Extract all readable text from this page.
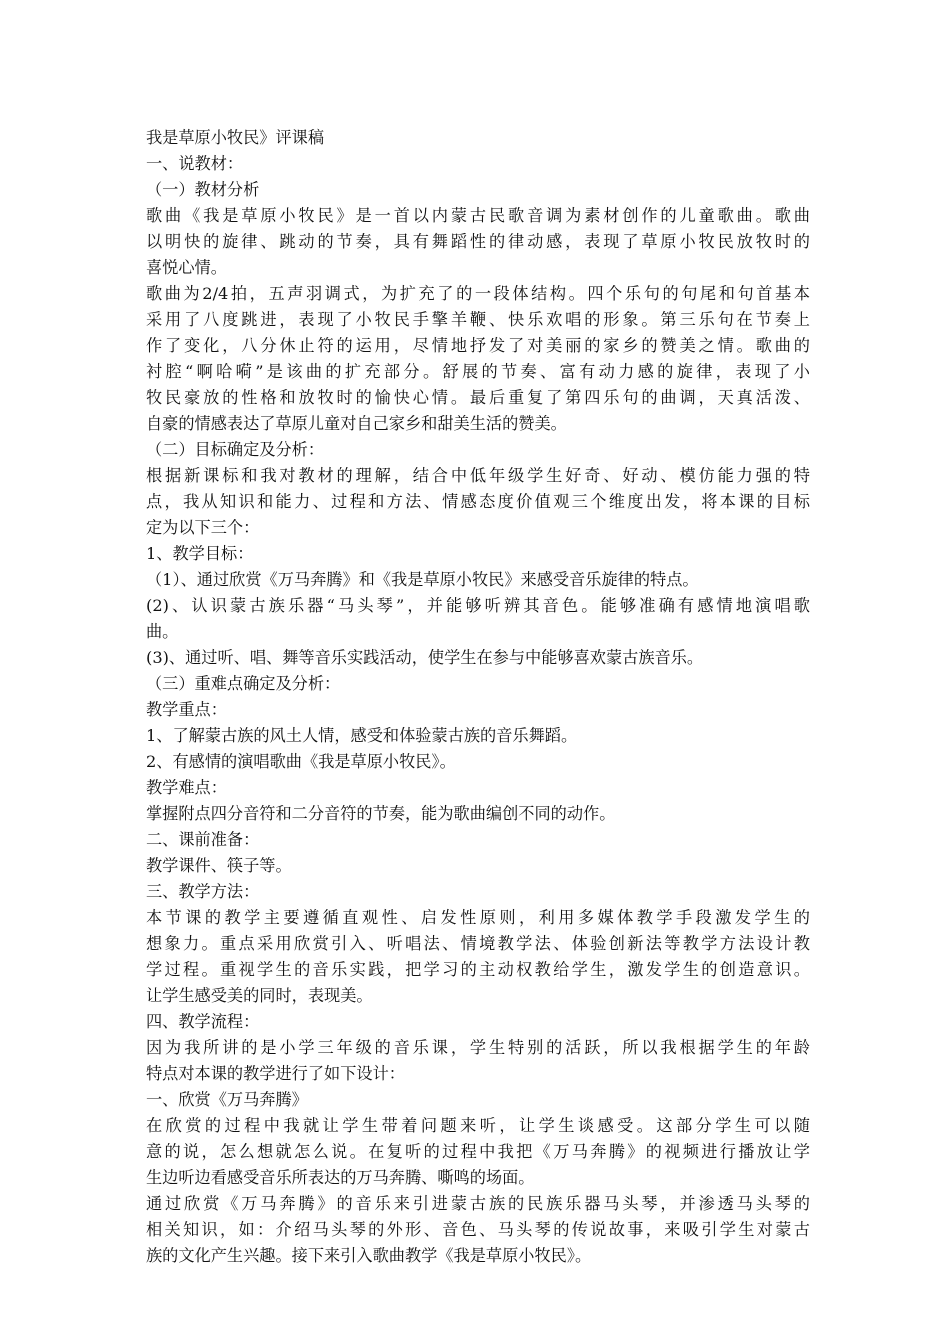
我是草原小牧民》评课稿
一、说教材：
（一）教材分析
歌曲《我是草原小牧民》是一首以内蒙古民歌音调为素材创作的儿童歌曲。歌曲
以明快的旋律、跳动的节奏，具有舞蹈性的律动感，表现了草原小牧民放牧时的
喜悦心情。
歌曲为2/4拍，五声羽调式，为扩充了的一段体结构。四个乐句的句尾和句首基本
采用了八度跳进，表现了小牧民手擎羊鞭、快乐欢唱的形象。第三乐句在节奏上
作了变化，八分休止符的运用，尽情地抒发了对美丽的家乡的赞美之情。歌曲的
衬腔“啊哈嗬”是该曲的扩充部分。舒展的节奏、富有动力感的旋律，表现了小
牧民豪放的性格和放牧时的愉快心情。最后重复了第四乐句的曲调，天真活泼、
自豪的情感表达了草原儿童对自己家乡和甜美生活的赞美。
（二）目标确定及分析：
根据新课标和我对教材的理解，结合中低年级学生好奇、好动、模仿能力强的特
点，我从知识和能力、过程和方法、情感态度价值观三个维度出发，将本课的目标
定为以下三个：
1、教学目标：
（1）、通过欣赏《万马奔腾》和《我是草原小牧民》来感受音乐旋律的特点。
(2)、认识蒙古族乐器“马头琴”，并能够听辨其音色。能够准确有感情地演唱歌
曲。
(3)、通过听、唱、舞等音乐实践活动，使学生在参与中能够喜欢蒙古族音乐。
（三）重难点确定及分析：
教学重点：
1、了解蒙古族的风土人情，感受和体验蒙古族的音乐舞蹈。
2、有感情的演唱歌曲《我是草原小牧民》。
教学难点：
掌握附点四分音符和二分音符的节奏，能为歌曲编创不同的动作。
二、课前准备：
教学课件、筷子等。
三、教学方法：
本节课的教学主要遵循直观性、启发性原则，利用多媒体教学手段激发学生的
想象力。重点采用欣赏引入、听唱法、情境教学法、体验创新法等教学方法设计教
学过程。重视学生的音乐实践，把学习的主动权教给学生，激发学生的创造意识。
让学生感受美的同时，表现美。
四、教学流程：
因为我所讲的是小学三年级的音乐课，学生特别的活跃，所以我根据学生的年龄
特点对本课的教学进行了如下设计：
一、欣赏《万马奔腾》
在欣赏的过程中我就让学生带着问题来听，让学生谈感受。这部分学生可以随
意的说，怎么想就怎么说。在复听的过程中我把《万马奔腾》的视频进行播放让学
生边听边看感受音乐所表达的万马奔腾、嘶鸣的场面。
通过欣赏《万马奔腾》的音乐来引进蒙古族的民族乐器马头琴，并渗透马头琴的
相关知识，如：介绍马头琴的外形、音色、马头琴的传说故事，来吸引学生对蒙古
族的文化产生兴趣。接下来引入歌曲教学《我是草原小牧民》。
